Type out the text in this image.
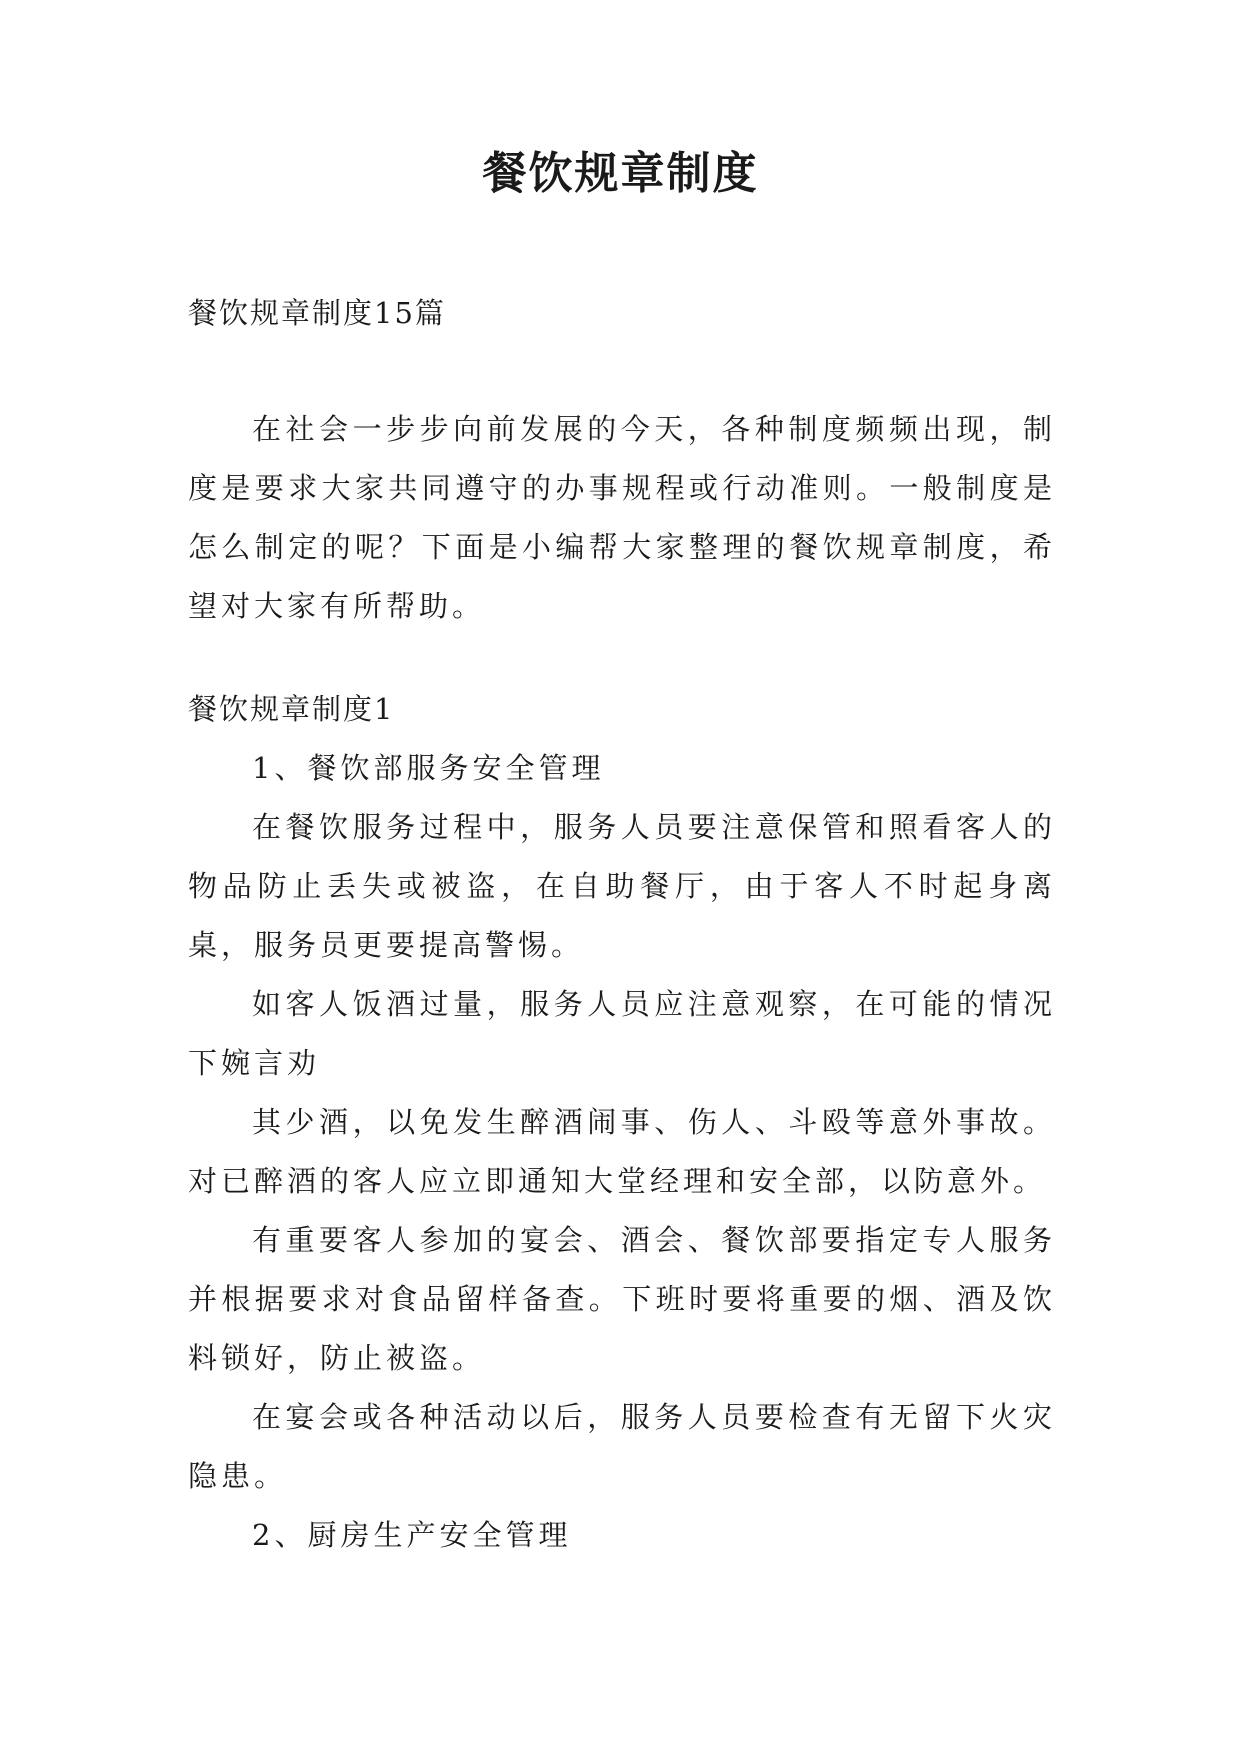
餐饮规章制度
餐饮规章制度15篇

在社会一步步向前发展的今天，各种制度频频出现，制度是要求大家共同遵守的办事规程或行动准则。一般制度是怎么制定的呢？下面是小编帮大家整理的餐饮规章制度，希望对大家有所帮助。

餐饮规章制度1

1、餐饮部服务安全管理

在餐饮服务过程中，服务人员要注意保管和照看客人的物品防止丢失或被盗，在自助餐厅，由于客人不时起身离桌，服务员更要提高警惕。

如客人饭酒过量，服务人员应注意观察，在可能的情况下婉言劝

其少酒，以免发生醉酒闹事、伤人、斗殴等意外事故。对已醉酒的客人应立即通知大堂经理和安全部，以防意外。

有重要客人参加的宴会、酒会、餐饮部要指定专人服务并根据要求对食品留样备查。下班时要将重要的烟、酒及饮料锁好，防止被盗。

在宴会或各种活动以后，服务人员要检查有无留下火灾隐患。

2、厨房生产安全管理
